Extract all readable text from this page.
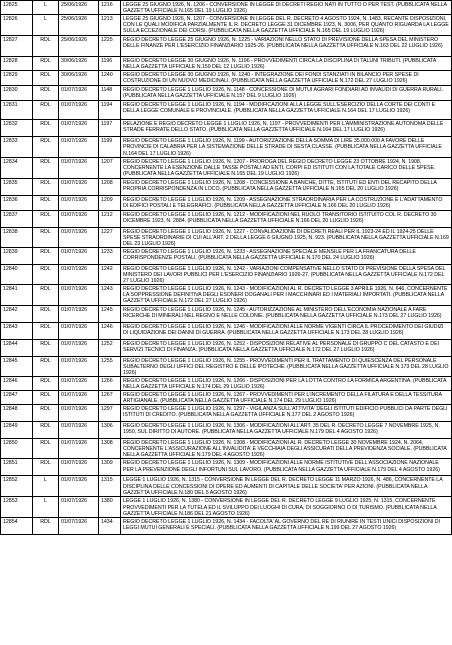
12825	L	25/06/1926	1216	LEGGE 25 GIUGNO 1926, N. 1206 - CONVERSIONE IN LEGGE DI DECRETI REGIO NATI IN TUTTO O PER TEST. (PUBBLICATA NELLA GAZZETTA UFFICIALE N.165 DEL 19 LUGLIO 1926)
12826	L	25/06/1926	1213	LEGGE 25 GIUGNO 1926, N. 1207 - CONVERSIONE IN LEGGE DEL R. DECRETO 4 AGOSTO 1924, N. 1483, RECANTE DISPOSIZIONI, CON LE QUALI MODIFICA PARZIALMENTE IL R. DECRETO LEGGE 31 DICEMBRE 1923, N. 3006, PER QUANTO RIGUARDA LA LEGGE SULLA ECCEZIONALE DEI CORSI. (PUBBLICATA NELLA GAZZETTA UFFICIALE N.165 DEL 19 LUGLIO 1926)
12827	RDL	25/06/1926	1225	REGIO DECRETO LEGGE 25 GIUGNO 1926, N. 1225 - VARIAZIONI NELLO STATO DI PREVISIONE DELLA SPESA DEL MINISTERO DELLE FINANZE PER L'ESERCIZIO FINANZIARIO 1925-26. (PUBBLICATA NELLA GAZZETTA UFFICIALE N.163 DEL 22 LUGLIO 1926)
12828	RDL	30/06/1926	1196	REGIO DECRETO LEGGE 30 GIUGNO 1926, N. 1196 - PROVVEDIMENTI CIRCA LA DISCIPLINA DI TALUNI TRIBUTI. (PUBBLICATA NELLA GAZZETTA UFFICIALE N.159 DEL 12 LUGLIO 1926)
12829	RDL	30/06/1926	1240	REGIO DECRETO LEGGE 30 GIUGNO 1926, N. 1240 - INTEGRAZIONE DEI FONDI STANZIATI IN BILANCIO PER SPESE DI COSTRUZIONE DI UN NUOVO MEDICINALI. (PUBBLICATA NELLA GAZZETTA UFFICIALE N.172 DEL 27 LUGLIO 1926)
12830	RDL	01/07/1926	1148	REGIO DECRETO LEGGE 1 LUGLIO 1926, N. 1148 - CONCESSIONE DI MUTUI AGRARI FONDIARI AD INVALIDI DI GUERRA RURALI. (PUBBLICATA NELLA GAZZETTA UFFICIALE N.157 DEL 9 LUGLIO 1926)
12831	RDL	01/07/1926	1194	REGIO DECRETO LEGGE 1 LUGLIO 1926, N. 1194 - MODIFICAZIONI ALLA LEGGE SULL'ESERCIZIO DELLA CORTE DEI CONTI E DELLA LEGGE COMUNALE E PROVINCIALE. (PUBBLICATA NELLA GAZZETTA UFFICIALE N.164 DEL 17 LUGLIO 1926)
12832	RDL	01/07/1926	1197	RELAZIONE E REGIO DECRETO LEGGE 1 LUGLIO 1926, N. 1197 - PROVVEDIMENTI PER L'AMMINISTRAZIONE AUTONOMA DELLE STRADE FERRATE DELLO STATO. (PUBBLICATA NELLA GAZZETTA UFFICIALE N.164 DEL 17 LUGLIO 1926)
12833	RDL	01/07/1926	1199	REGIO DECRETO LEGGE 1 LUGLIO 1926, N. 1199 - AUTORIZZAZIONE DELLA SOMMA DI LIRE 35.000.000 A FAVORE DELLE PROVINCIE DI CALABRIA PER LA SISTEMAZIONE DELLE STRADE DI SESTA CLASSE. (PUBBLICATA NELLA GAZZETTA UFFICIALE N.164 DEL 17 LUGLIO 1926)
12834	RDL	01/07/1926	1207	REGIO DECRETO LEGGE 1 LUGLIO 1926, N. 1207 - PROROGA DEL REGIO DECRETO LEGGE 23 OTTOBRE 1924, N. 1908, CONCERNENTE LA ESENZIONE DALLE TASSE POSTALI AD ENTI, CORPI ED ISTITUTI CON LA TOTALE CARICO DELLE SPESE. (PUBBLICATA NELLA GAZZETTA UFFICIALE N.165 DEL 19 LUGLIO 1926)
12835	RDL	01/07/1926	1208	REGIO DECRETO LEGGE 1 LUGLIO 1926, N. 1208 - CONCESSIONE A BANCHE, DITTE, ISTITUTI ED ENTI DEL RECAPITO DELLA PROPRIA CORRISPONDENZA IN LOCO. (PUBBLICATA NELLA GAZZETTA UFFICIALE N.165 DEL 20 LUGLIO 1926)
12836	RDL	01/07/1926	1209	REGIO DECRETO LEGGE 1 LUGLIO 1926, N. 1209 - ASSEGNAZIONE STRAORDINARIA PER LA COSTRUZIONE E L'ADATTAMENTO DI EDIFICI POSTALI E TELEGRAFICI. (PUBBLICATA NELLA GAZZETTA UFFICIALE N.166 DEL 20 LUGLIO 1926)
12837	RDL	01/07/1926	1212	REGIO DECRETO LEGGE 1 LUGLIO 1926, N. 1212 - MODIFICAZIONI NEL RUOLO TRANSITORIO ISTITUITO COL R. DECRETO 30 DICEMBRE 1923, N. 2884. (PUBBLICATA NELLA GAZZETTA UFFICIALE N.166 DEL 20 LUGLIO 1926)
12838	RDL	01/07/1926	1227	REGIO DECRETO LEGGE 1 LUGLIO 1926, N. 1227 - CONVALIDAZIONE DI DECRETI REALI PER IL 1923-24 ED IL 1924-25 DELLE SPESE STRAORDINARIE DI CUI ALL'ART. 2 DELLA LEGGE 6 GIUGNO 1925, N. 923. (PUBBLICATA NELLA GAZZETTA UFFICIALE N.169 DEL 23 LUGLIO 1926)
12839	RDL	01/07/1926	1233	REGIO DECRETO LEGGE 1 LUGLIO 1926, N. 1233 - ASSEGNAZIONE SPECIALE MENSILE PER LA FRANCATURA DELLE CORRISPONDENZE POSTALI. (PUBBLICATA NELLA GAZZETTA UFFICIALE N.170 DEL 24 LUGLIO 1926)
12840	RDL	01/07/1926	1242	REGIO DECRETO LEGGE 1 LUGLIO 1926, N. 1242 - VARIAZIONI COMPENSATIVE NELLO STATO DI PREVISIONE DELLA SPESA DEL MINISTERO DEI LAVORI PUBBLICI PER L'ESERCIZIO FINANZIARIO 1926-27. (PUBBLICATA NELLA GAZZETTA UFFICIALE N.172 DEL 27 LUGLIO 1926)
12841	RDL	01/07/1926	1243	REGIO DECRETO LEGGE 1 LUGLIO 1926, N. 1243 - MODIFICAZIONI AL R. DECRETO LEGGE 3 APRILE 1926, N. 646, CONCERNENTE LA SOPPRESSIONE DEFINITIVA DEGLI ESONERI DOGANALI PER I MACCHINARI ED I MATERIALI IMPORTATI. (PUBBLICATA NELLA GAZZETTA UFFICIALE N.172 DEL 27 LUGLIO 1926)
12842	RDL	01/07/1926	1245	REGIO DECRETO LEGGE 1 LUGLIO 1926, N. 1245 - AUTORIZZAZIONE AL MINISTERO DELL'ECONOMIA NAZIONALE A FARE RICERCHE DI MINERALI NEL REGNO E NELLE COLONIE. (PUBBLICATA NELLA GAZZETTA UFFICIALE N.173 DEL 27 LUGLIO 1926)
12843	RDL	01/07/1926	1246	REGIO DECRETO LEGGE 1 LUGLIO 1926, N. 1246 - MODIFICAZIONI ALLE NORME VIGENTI CIRCA IL PROCEDIMENTO DEI GIUDIZI DI LIQUIDAZIONE DEI DANNI DI GUERRA. (PUBBLICATA NELLA GAZZETTA UFFICIALE N.173 DEL 28 LUGLIO 1926)
12844	RDL	01/07/1926	1252	REGIO DECRETO LEGGE 1 LUGLIO 1926, N. 1252 - DISPOSIZIONI RELATIVE AL PERSONALE DI GRUPPO C DEL CATASTO E DEI SERVIZI TECNICI DI FINANZA. (PUBBLICATA NELLA GAZZETTA UFFICIALE N.172 DEL 27 LUGLIO 1926)
12845	RDL	01/07/1926	1255	REGIO DECRETO LEGGE 1 LUGLIO 1926, N. 1255 - PROVVEDIMENTI PER IL TRATTAMENTO DI QUIESCENZA DEL PERSONALE SUBALTERNO DEGLI UFFICI DEL REGISTRO E DELLE IPOTECHE. (PUBBLICATA NELLA GAZZETTA UFFICIALE N.173 DEL 28 LUGLIO 1926)
12846	RDL	01/07/1926	1266	REGIO DECRETO LEGGE 1 LUGLIO 1926, N. 1266 - DISPOSIZIONI PER LA LOTTA CONTRO LA FORMICA ARGENTINA. (PUBBLICATA NELLA GAZZETTA UFFICIALE N.174 DEL 29 LUGLIO 1926)
12847	RDL	01/07/1926	1267	REGIO DECRETO LEGGE 1 LUGLIO 1926, N. 1267 - PROVVEDIMENTI PER L'INCREMENTO DELLA FILATURA E DELLA TESSITURA ARTIGIANALE. (PUBBLICATA NELLA GAZZETTA UFFICIALE N.174 DEL 29 LUGLIO 1926)
12848	RDL	01/07/1926	1297	REGIO DECRETO LEGGE 1 LUGLIO 1926, N. 1297 - VIGILANZA SULL'ATTIVITA' DEGLI ISTITUTI EDIFICIO PUBBLICI DA PARTE DEGLI ISTITUTI DI CREDITO. (PUBBLICATA NELLA GAZZETTA UFFICIALE N.177 DEL 2 AGOSTO 1926)
12849	RDL	01/07/1926	1306	REGIO DECRETO LEGGE 1 LUGLIO 1926, N. 1306 - MODIFICAZIONI ALL'ART. 35 DEL R. DECRETO LEGGE 7 NOVEMBRE 1925, N. 1950, SUL DIRITTO DI AUTORE. (PUBBLICATA NELLA GAZZETTA UFFICIALE N.179 DEL 4 AGOSTO 1926)
12850	RDL	01/07/1926	1308	REGIO DECRETO LEGGE 1 LUGLIO 1926, N. 1308 - MODIFICAZIONI AL R. DECRETO LEGGE 30 NOVEMBRE 1924, N. 2064, CONCERNENTE L'ASSICURAZIONE ALL'INVALIDITA' E VECCHIAIA DEGLI ASSICURATI DELLA PREVIDENZA SOCIALE. (PUBBLICATA NELLA GAZZETTA UFFICIALE N.179 DEL 4 AGOSTO 1926)
12851	RDL	01/07/1926	1309	REGIO DECRETO LEGGE 1 LUGLIO 1926, N. 1309 - MODIFICAZIONI ALLE NORME ISTITUTIVE DELL'ASSOCIAZIONE NAZIONALE PER LA PREVENZIONE DEGLI INFORTUNI SUL LAVORO. (PUBBLICATA NELLA GAZZETTA UFFICIALE N.179 DEL 4 AGOSTO 1926)
12852	L	01/07/1926	1315	LEGGE 1 LUGLIO 1926, N. 1315 - CONVERSIONE IN LEGGE DEL R. DECRETO LEGGE 11 MARZO 1926, N. 486, CONCERNENTE LA DISCIPLINA DELLE CONCESSIONI DI OPERE ED AUMENTI DI CAPITALE DELLE SOCIETA' PER AZIONI. (PUBBLICATA NELLA GAZZETTA UFFICIALE N.180 DEL 5 AGOSTO 1926)
12853	L	01/07/1926	1380	LEGGE 1 LUGLIO 1926, N. 1380 - CONVERSIONE IN LEGGE DEL R. DECRETO LEGGE 9 LUGLIO 1925, N. 1315, CONCERNENTE PROVVEDIMENTI PER LA TUTELA ED IL SVILUPPO DEI LUOGHI DI CURA, DI SOGGIORNO O DI TURISMO. (PUBBLICATA NELLA GAZZETTA UFFICIALE N.186 DEL 21 AGOSTO 1926)
12854	RDL	01/07/1926	1434	REGIO DECRETO LEGGE 1 LUGLIO 1926, N. 1434 - FACOLTA' AL GOVERNO DEL RE DI RIUNIRE IN TESTI UNICI DISPOSIZIONI DI LEGGI MUTUI GENERALI E SPECIALI. (PUBBLICATA NELLA GAZZETTA UFFICIALE N.199 DEL 27 AGOSTO 1926)
